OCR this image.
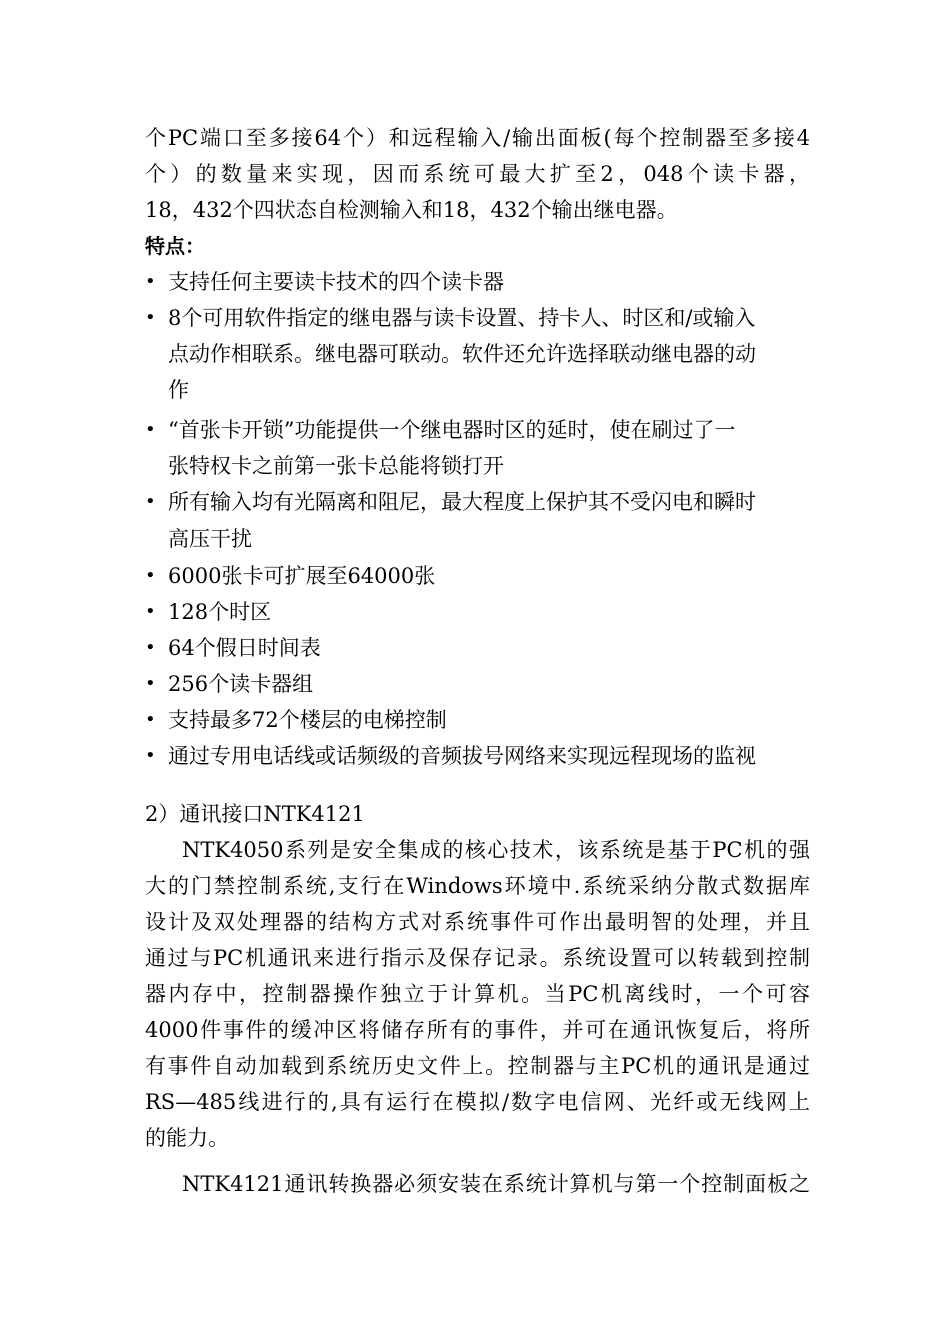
个PC端口至多接64个）和远程输入/输出面板(每个控制器至多接4
个）的数量来实现，因而系统可最大扩至2，048个读卡器，
18，432个四状态自检测输入和18，432个输出继电器。
特点：
• 支持任何主要读卡技术的四个读卡器
• 8个可用软件指定的继电器与读卡设置、持卡人、时区和/或输入
点动作相联系。继电器可联动。软件还允许选择联动继电器的动
作
• “首张卡开锁”功能提供一个继电器时区的延时，使在刷过了一
张特权卡之前第一张卡总能将锁打开
• 所有输入均有光隔离和阻尼，最大程度上保护其不受闪电和瞬时
高压干扰
• 6000张卡可扩展至64000张
• 128个时区
• 64个假日时间表
• 256个读卡器组
• 支持最多72个楼层的电梯控制
• 通过专用电话线或话频级的音频拔号网络来实现远程现场的监视
2）通讯接口NTK4121
NTK4050系列是安全集成的核心技术，该系统是基于PC机的强
大的门禁控制系统,支行在Windows环境中.系统采纳分散式数据库
设计及双处理器的结构方式对系统事件可作出最明智的处理，并且
通过与PC机通讯来进行指示及保存记录。系统设置可以转载到控制
器内存中，控制器操作独立于计算机。当PC机离线时，一个可容
4000件事件的缓冲区将储存所有的事件，并可在通讯恢复后，将所
有事件自动加载到系统历史文件上。控制器与主PC机的通讯是通过
RS—485线进行的,具有运行在模拟/数字电信网、光纤或无线网上
的能力。
NTK4121通讯转换器必须安装在系统计算机与第一个控制面板之
